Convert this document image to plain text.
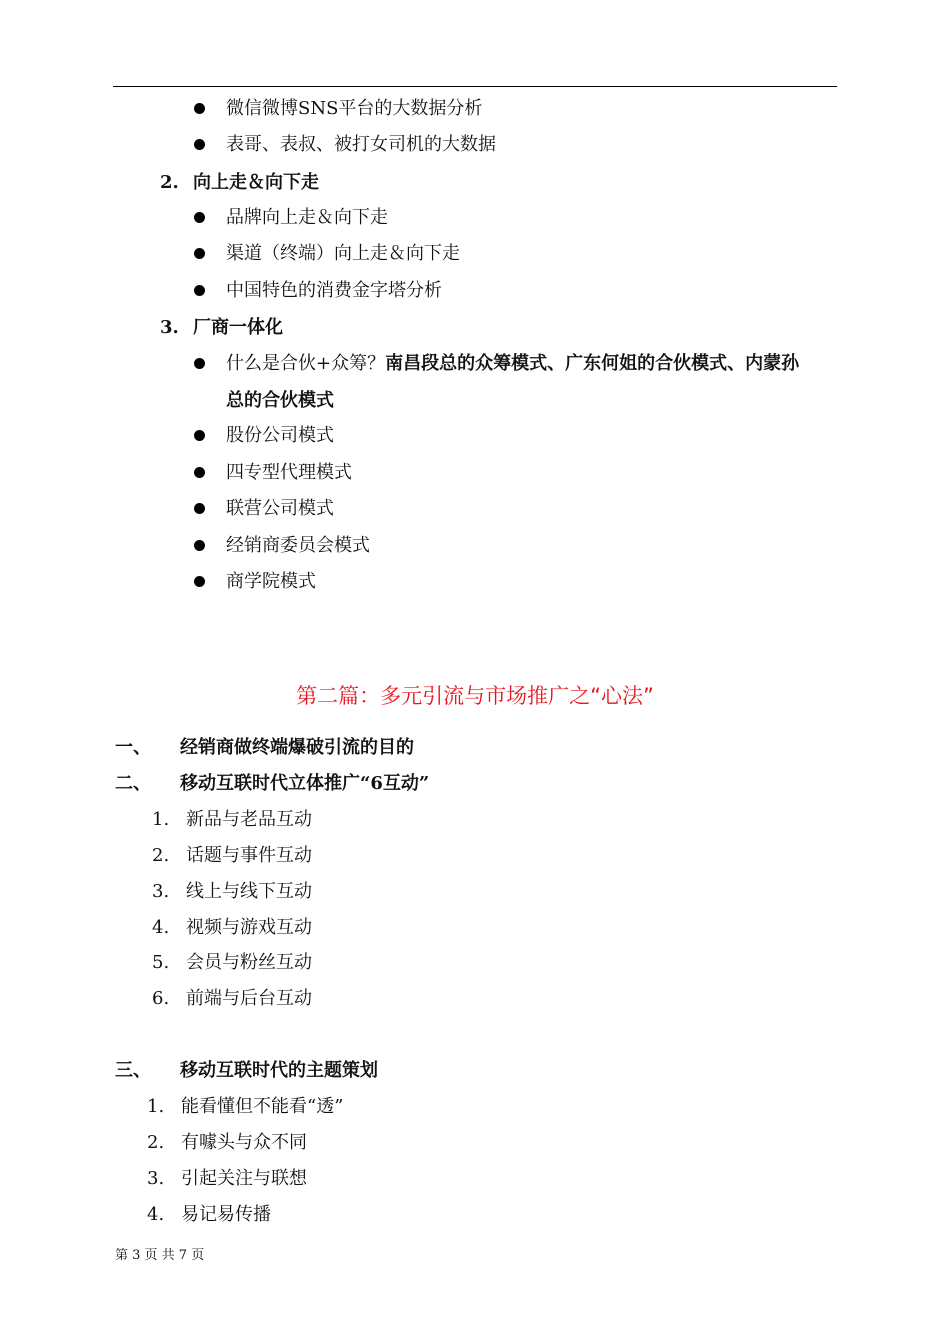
微信微博SNS平台的大数据分析
表哥、表叔、被打女司机的大数据
2. 向上走＆向下走
品牌向上走＆向下走
渠道（终端）向上走＆向下走
中国特色的消费金字塔分析
3. 厂商一体化
什么是合伙+众筹？南昌段总的众筹模式、广东何姐的合伙模式、内蒙孙
总的合伙模式
股份公司模式
四专型代理模式
联营公司模式
经销商委员会模式
商学院模式
第二篇：多元引流与市场推广之“心法”
一、 经销商做终端爆破引流的目的
二、 移动互联时代立体推广“6互动”
1. 新品与老品互动
2. 话题与事件互动
3. 线上与线下互动
4. 视频与游戏互动
5. 会员与粉丝互动
6. 前端与后台互动
三、 移动互联时代的主题策划
1. 能看懂但不能看“透”
2. 有噱头与众不同
3. 引起关注与联想
4. 易记易传播
第 3 页 共 7 页
